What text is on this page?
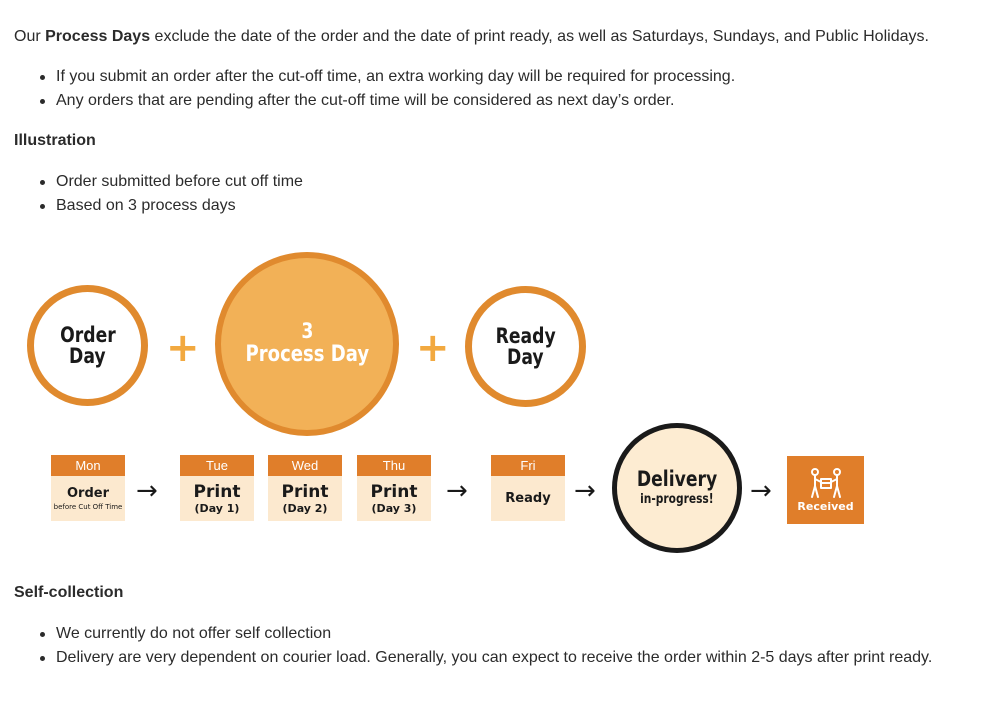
Our Process Days exclude the date of the order and the date of print ready, as well as Saturdays, Sundays, and Public Holidays.

If you submit an order after the cut-off time, an extra working day will be required for processing.
Any orders that are pending after the cut-off time will be considered as next day’s order.
Illustration
Order submitted before cut off time
Based on 3 process days
Order
Day +	3
Process Day + Ready
Day
Mon
Order
before Cut Off Time
→
Tue
Print
(Day 1)
Wed
Print
(Day 2)
Thu
Print
(Day 3)
→
Fri
Ready → Delivery
in-progress! →
Received
Self-collection
We currently do not offer self collection
Delivery are very dependent on courier load. Generally, you can expect to receive the order within 2-5 days after print ready.
